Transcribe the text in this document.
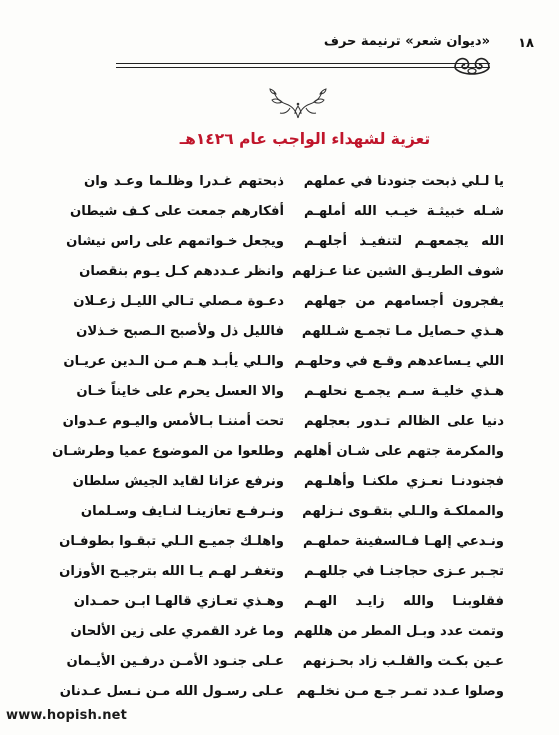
«ديوان شعر» ترنيمة حرف ١٨
تعزية لشهداء الواجب عام ١٤٢٦هـ
يا لـلي ذبحت جنودنا في عملهم
ذبحتهم غـدرا وظلـما وعـد وان
شـله خبيثـة خيـب الله أملهـم
أفكارهم جمعت على كـف شيطان
الله يجمعهـم لتنفيـذ أجلهـم
ويجعل خـواتمهم على راس نيشان
شوف الطريـق الشين عنا عـزلهم
وانظر عـددهم كـل يـوم بنقصان
يفجرون أجسامهم من جهلهم
دعـوة مـصلي تـالي الليـل زعـلان
هـذي حـصايل مـا تجمـع شـللهم
فالليل ذل ولأصبح الـصبح خـذلان
اللي يـساعدهم وقـع في وحلهـم
والـلي يأبـد هـم مـن الـدين عريـان
هـذي خليـة سـم يجمـع نحلهـم
والا العسل يحرم على خايناً خـان
دنيا على الظالم تـدور بعجلهم
تحت أمننـا بـالأمس واليـوم عـدوان
والمكرمة جتهم على شـان أهلهم
وطلعوا من الموضوع عميا وطرشـان
فجنودنـا نعـزي ملكنـا وأهلـهم
ونرفع عزانا لقايد الجيش سلطان
والمملكـة والـلي بتقـوى نـزلهم
ونـرفـع تعازينـا لنـايف وسـلمان
ونـدعي إلهـا فـالسفينة حملهـم
واهلـك جميـع الـلي تبقـوا بطوفـان
تجـبر عـزى حجاجنـا في جللهـم
وتغفـر لهـم يـا الله بترجيـح الأوزان
فقلوبنـا والله زايـد الهـم
وهـذي تعـازي قالهـا ابـن حمـدان
وتمت عدد وبـل المطر من هللهم
وما غرد القمري على زين الألحان
عـين بكـت والقلـب زاد بحـزنهم
عـلى جنـود الأمـن درفـين الأيـمان
وصلوا عـدد تمـر جـع مـن نخلـهم
عـلى رسـول الله مـن نـسل عـدنان
www.hopish.net
